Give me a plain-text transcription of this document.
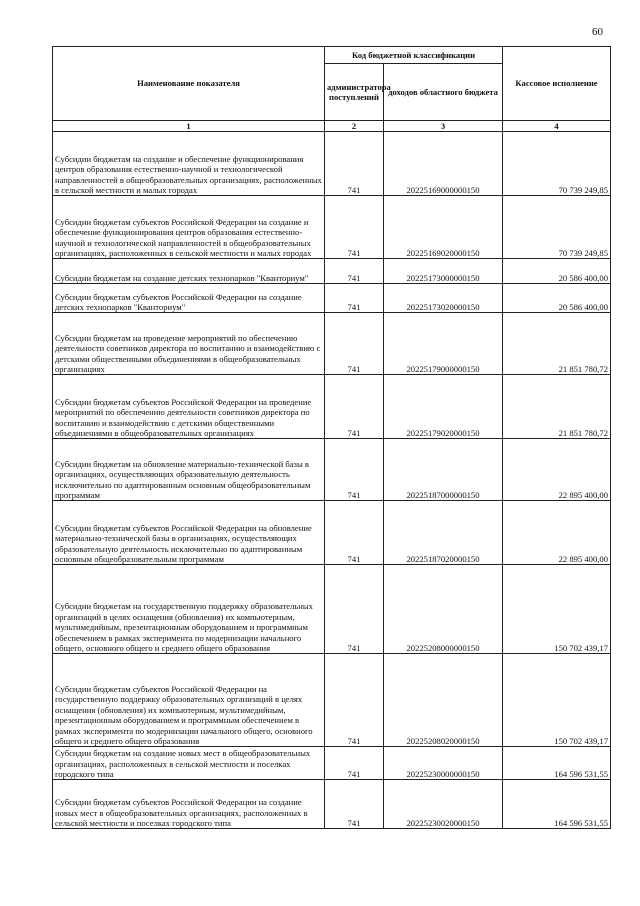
60
Наименование показателя	Код бюджетной классификации		Кассовое исполнение
	администратора поступлений	доходов областного бюджета	
1	2	3	4
Субсидии бюджетам на создание и обеспечение функционирования центров образования естественно-научной и технологической направленностей в общеобразовательных организациях, расположенных в сельской местности и малых городах	741	20225169000000150	70 739 249,85
Субсидии бюджетам субъектов Российской Федерации на создание и обеспечение функционирования центров образования естественно-научной и технологической направленностей в общеобразовательных организациях, расположенных в сельской местности и малых городах	741	20225169020000150	70 739 249,85
Субсидии бюджетам на создание детских технопарков "Кванториум"	741	20225173000000150	20 586 400,00
Субсидии бюджетам субъектов Российской Федерации на создание детских технопарков "Кванториум"	741	20225173020000150	20 586 400,00
Субсидии бюджетам на проведение мероприятий по обеспечению деятельности советников директора по воспитанию и взаимодействию с детскими общественными объединениями в общеобразовательных организациях	741	20225179000000150	21 851 780,72
Субсидии бюджетам субъектов Российской Федерации на проведение мероприятий по обеспечению деятельности советников директора по воспитанию и взаимодействию с детскими общественными объединениями в общеобразовательных организациях	741	20225179020000150	21 851 780,72
Субсидии бюджетам на обновление материально-технической базы в организациях, осуществляющих образовательную деятельность исключительно по адаптированным основным общеобразовательным программам	741	20225187000000150	22 895 400,00
Субсидии бюджетам субъектов Российской Федерации на обновление материально-технической базы в организациях, осуществляющих образовательную деятельность исключительно по адаптированным основным общеобразовательным программам	741	20225187020000150	22 895 400,00
Субсидии бюджетам на государственную поддержку образовательных организаций в целях оснащения (обновления) их компьютерным, мультимедийным, презентационным оборудованием и программным обеспечением в рамках эксперимента по модернизации начального общего, основного общего и среднего общего образования	741	20225208000000150	150 702 439,17
Субсидии бюджетам субъектов Российской Федерации на государственную поддержку образовательных организаций в целях оснащения (обновления) их компьютерным, мультимедийным, презентационным оборудованием и программным обеспечением в рамках эксперимента по модернизации начального общего, основного общего и среднего общего образования	741	20225208020000150	150 702 439,17
Субсидии бюджетам на создание новых мест в общеобразовательных организациях, расположенных в сельской местности и поселках городского типа	741	20225230000000150	164 596 531,55
Субсидии бюджетам субъектов Российской Федерации на создание новых мест в общеобразовательных организациях, расположенных в сельской местности и поселках городского типа	741	20225230020000150	164 596 531,55
